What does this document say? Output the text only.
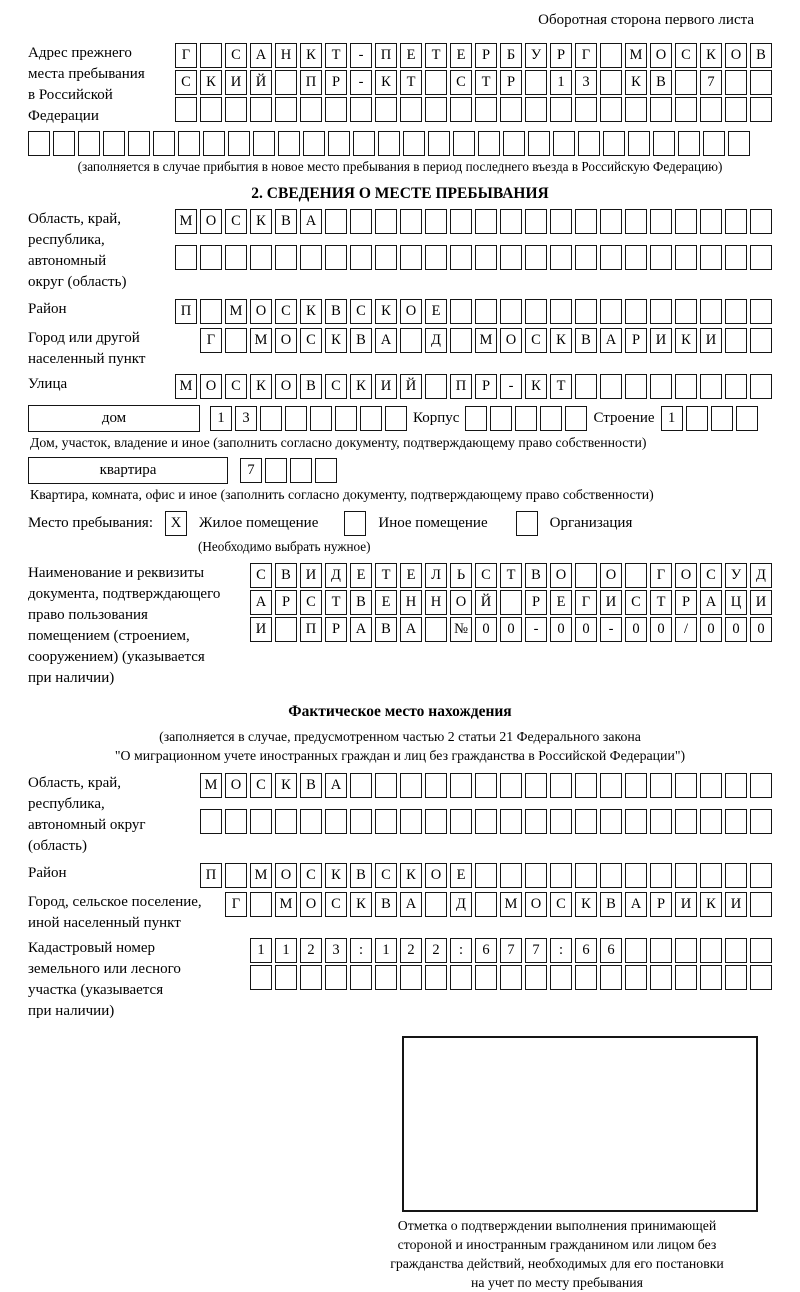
Оборотная сторона первого листа
Адрес прежнего
места пребывания
в Российской
Федерации
Г	С	А	Н	К	Т	-	П	Е	Т	Е	Р	Б	У	Р	Г	М О	С	К	О	В
С	К	И	Й	П	Р	-	К	Т	С	Т	Р	1	3	К	В	7
(заполняется в случае прибытия в новое место пребывания в период последнего въезда в Российскую Федерацию)
2. СВЕДЕНИЯ О МЕСТЕ ПРЕБЫВАНИЯ
Область, край,
республика,
автономный
округ (область)
М О	С	К	В	А
Район	П	М О	С	К	В	С	К	О	Е
Город или другой
населенный пункт
Г	М О	С	К	В	А	Д	М О	С	К	В	А	Р	И	К	И
Улица	М О	С	К	О	В	С	К	И	Й	П	Р	-	К	Т
дом	1	3	Корпус	Строение 1
Дом, участок, владение и иное (заполнить согласно документу, подтверждающему право собственности)
квартира	7
Квартира, комната, офис и иное (заполнить согласно документу, подтверждающему право собственности)
Место пребывания:	X	Жилое помещение	Иное помещение	Организация
(Необходимо выбрать нужное)
Наименование и реквизиты
документа, подтверждающего
право пользования
помещением (строением,
сооружением) (указывается
при наличии)
С	В	И	Д	Е	Т	Е	Л	Ь	С	Т	В	О	О	Г	О	С	У	Д
А	Р	С	Т	В	Е	Н	Н	О	Й	Р	Е	Г	И	С	Т	Р	А	Ц	И
И	П	Р	А	В	А	№ 0	0	-	0	0	-	0	0	/	0	0	0
Фактическое место нахождения
(заполняется в случае, предусмотренном частью 2 статьи 21 Федерального закона
"О миграционном учете иностранных граждан и лиц без гражданства в Российской Федерации")
Область, край,
республика,
автономный округ
(область)
М О	С	К	В	А
Район	П	М О	С	К	В	С	К	О	Е
Город, сельское поселение,
иной населенный пункт
Г	М О	С	К	В	А	Д	М О	С	К	В	А	Р	И	К	И
Кадастровый номер
земельного или лесного
участка (указывается
при наличии)
1	1	2	3	:	1	2	2	:	6	7	7	:	6	6
Отметка о подтверждении выполнения принимающей
стороной и иностранным гражданином или лицом без
гражданства действий, необходимых для его постановки
на учет по месту пребывания
